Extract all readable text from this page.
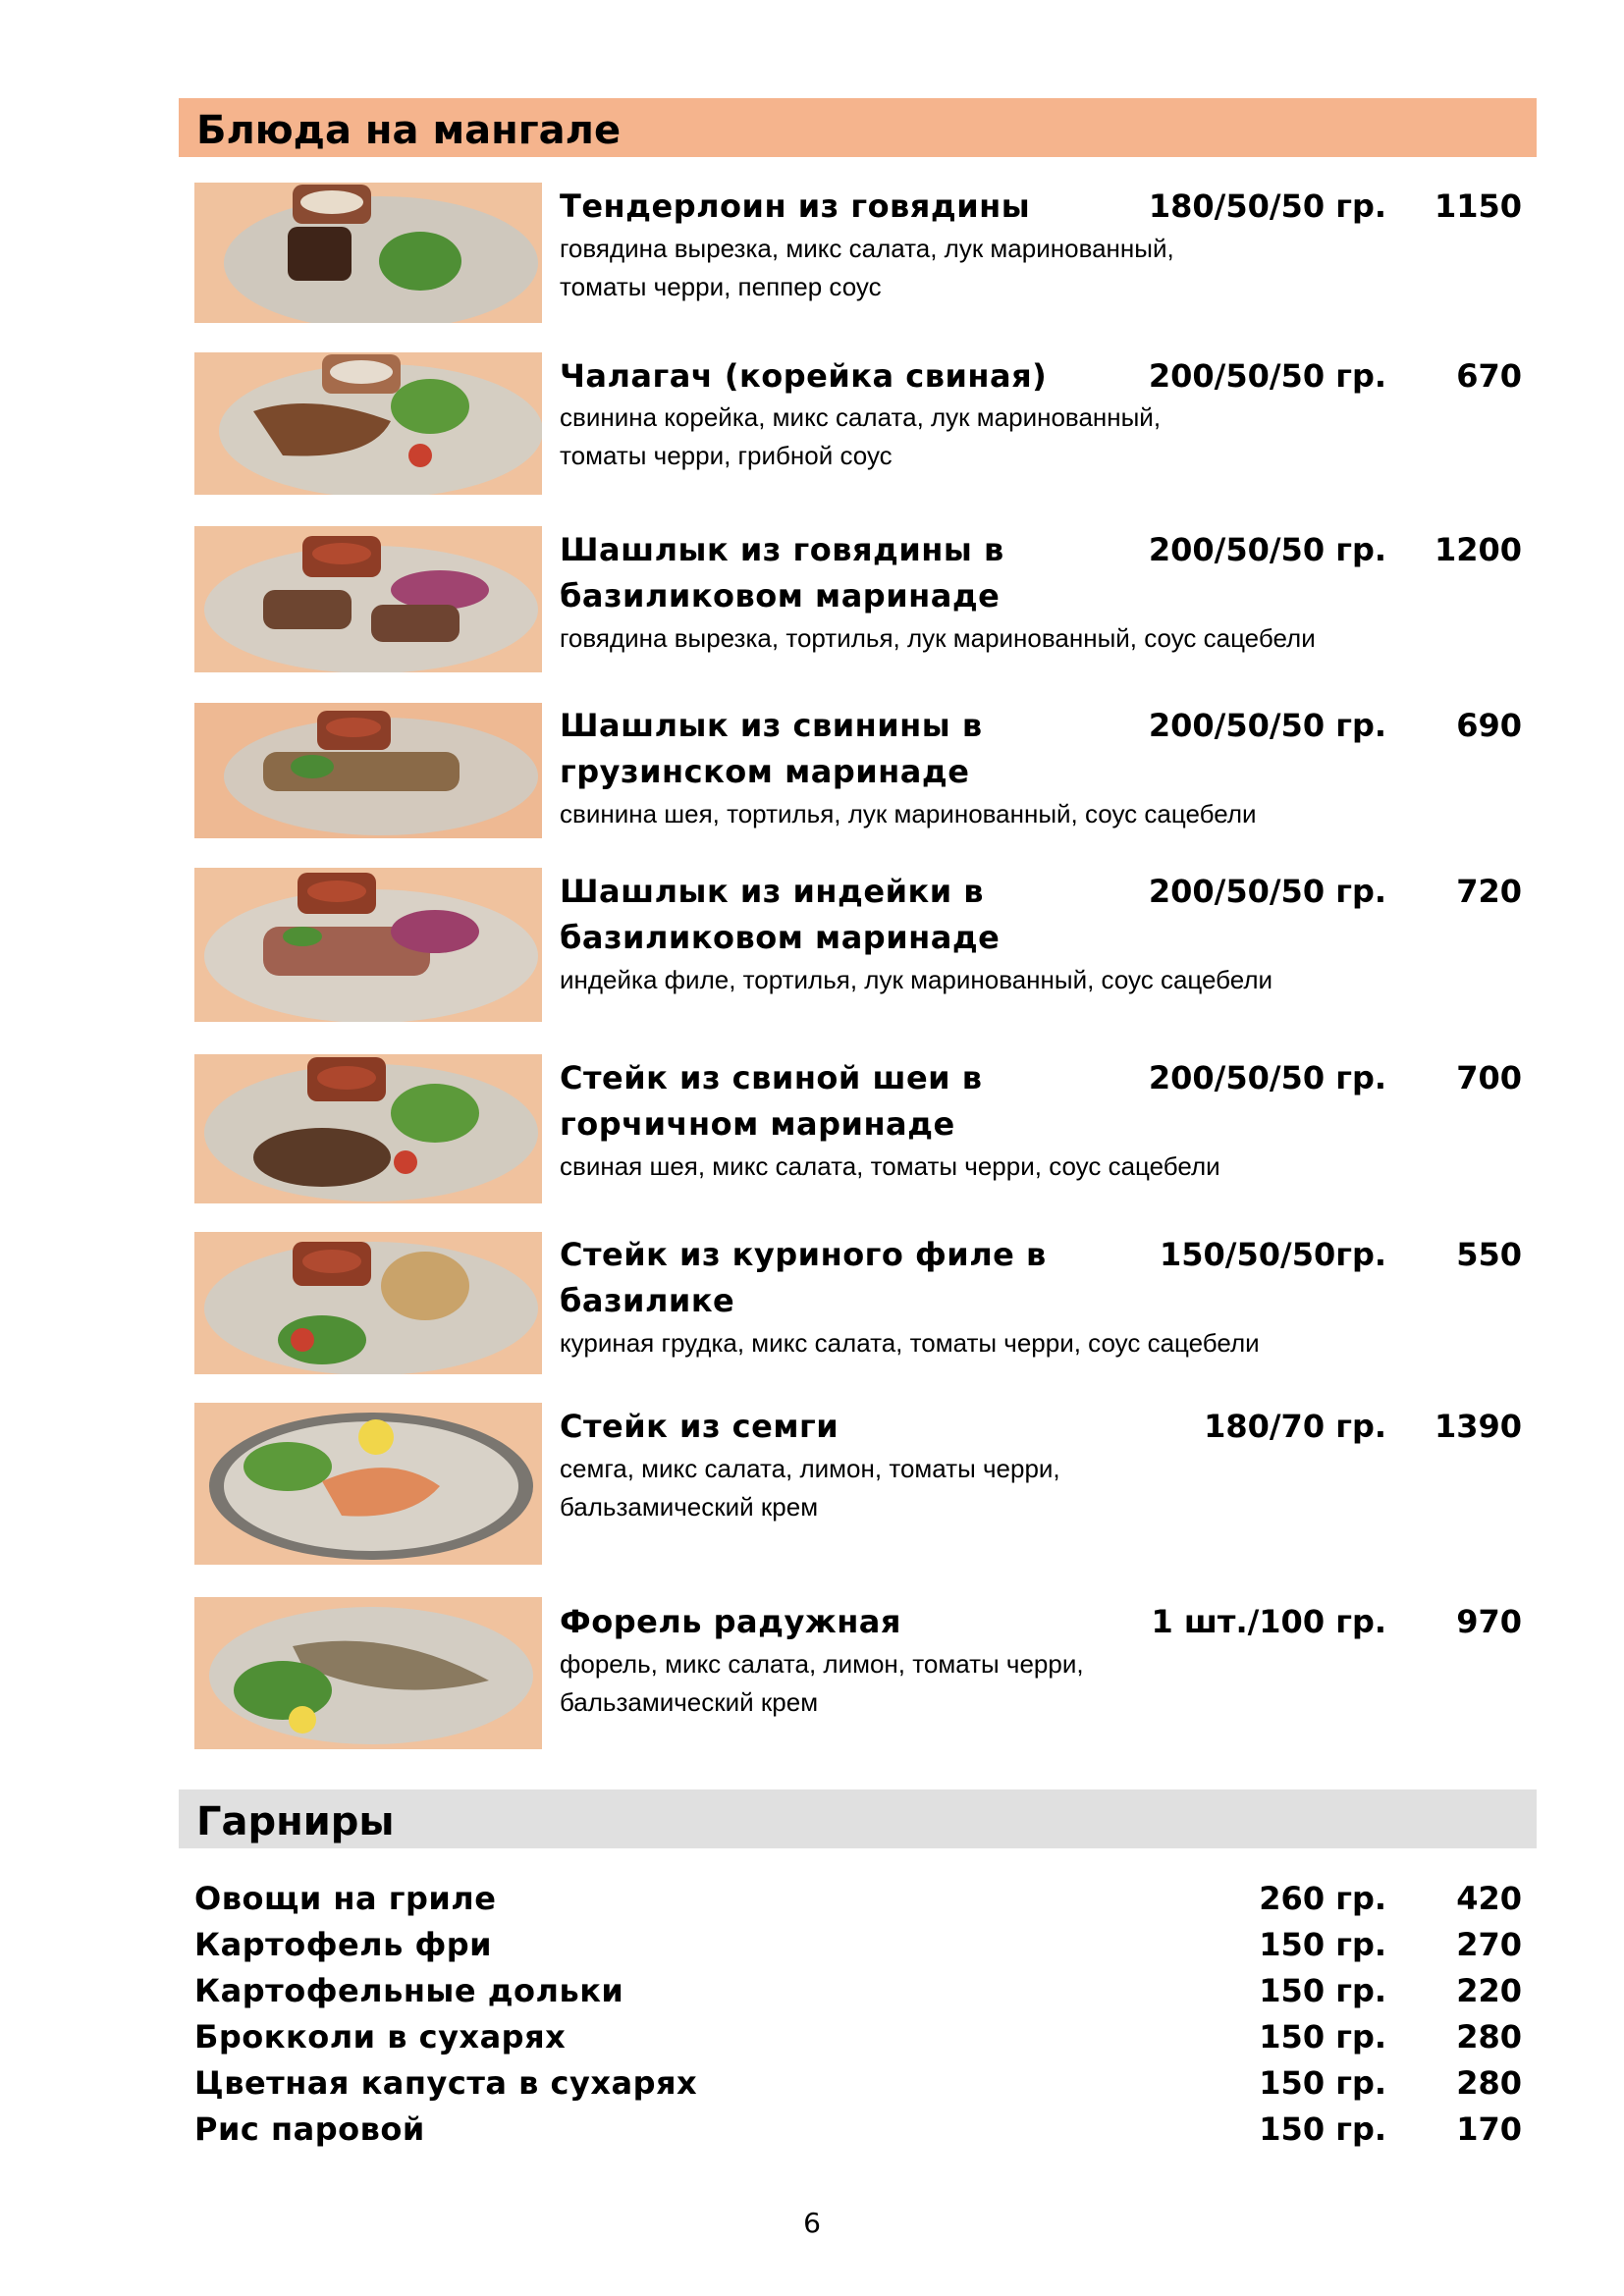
Блюда на мангале
Тендерлоин из говядины	180/50/50 гр.	1150
говядина вырезка, микс салата, лук маринованный,
томаты черри, пеппер соус
Чалагач (корейка свиная)	200/50/50 гр.	670
свинина корейка, микс салата, лук маринованный,
томаты черри, грибной соус
Шашлык из говядины в
базиликовом маринаде
200/50/50 гр.	1200
говядина вырезка, тортилья, лук маринованный, соус сацебели
Шашлык из свинины в
грузинском маринаде
200/50/50 гр.	690
свинина шея, тортилья, лук маринованный, соус сацебели
Шашлык из индейки в
базиликовом маринаде
200/50/50 гр.	720
индейка филе, тортилья, лук маринованный, соус сацебели
Стейк из свиной шеи в
горчичном маринаде
200/50/50 гр.	700
свиная шея, микс салата, томаты черри, соус сацебели
Стейк из куриного филе в
базилике
150/50/50гр.	550
куриная грудка, микс салата, томаты черри, соус сацебели
Стейк из семги	180/70 гр.	1390
семга, микс салата, лимон, томаты черри,
бальзамический крем
Форель радужная	1 шт./100 гр.	970
форель, микс салата, лимон, томаты черри,
бальзамический крем
Гарниры
Овощи на гриле	260 гр.	420
Картофель фри	150 гр.	270
Картофельные дольки	150 гр.	220
Брокколи в сухарях	150 гр.	280
Цветная капуста в сухарях	150 гр.	280
Рис паровой	150 гр.	170
6
